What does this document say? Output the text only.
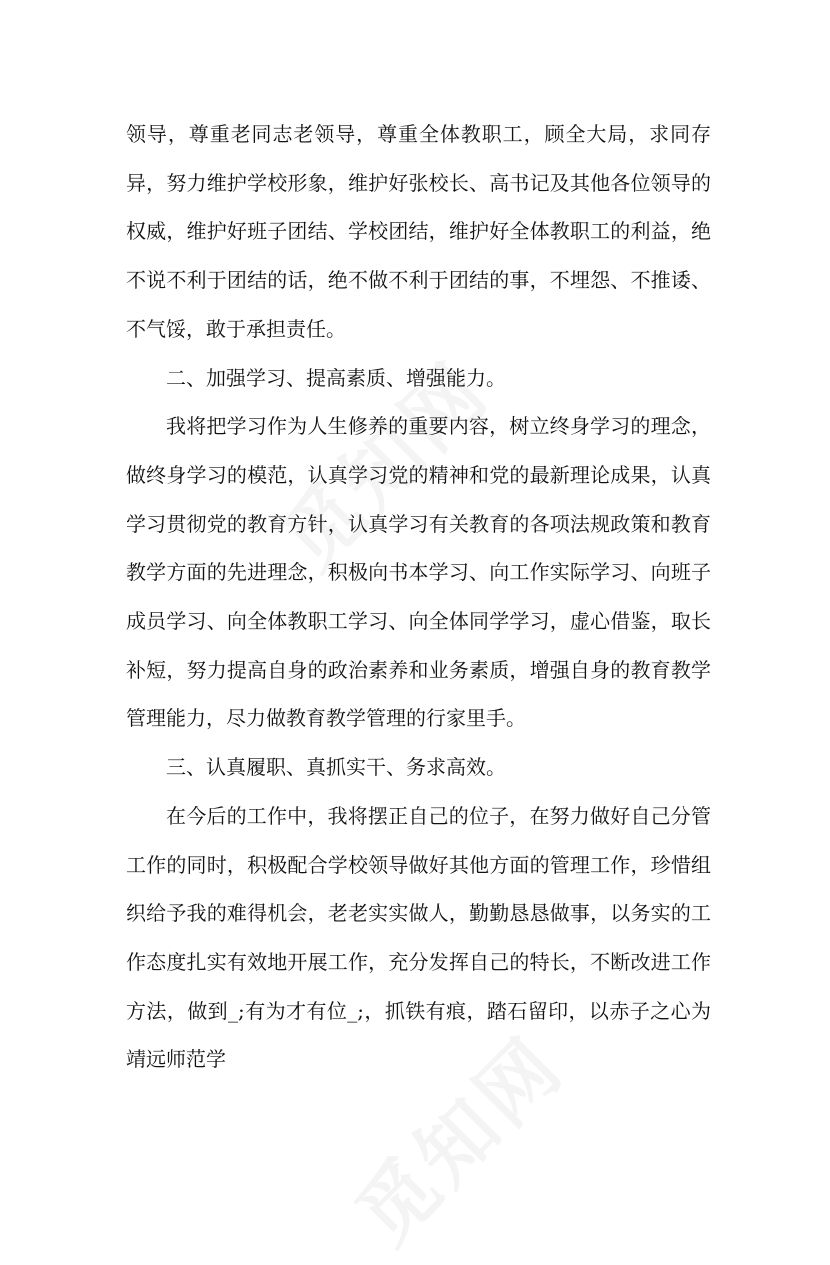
领导，尊重老同志老领导，尊重全体教职工，顾全大局，求同存异，努力维护学校形象，维护好张校长、高书记及其他各位领导的权威，维护好班子团结、学校团结，维护好全体教职工的利益，绝不说不利于团结的话，绝不做不利于团结的事，不埋怨、不推诿、不气馁，敢于承担责任。

二、加强学习、提高素质、增强能力。

我将把学习作为人生修养的重要内容，树立终身学习的理念，做终身学习的模范，认真学习党的精神和党的最新理论成果，认真学习贯彻党的教育方针，认真学习有关教育的各项法规政策和教育教学方面的先进理念，积极向书本学习、向工作实际学习、向班子成员学习、向全体教职工学习、向全体同学学习，虚心借鉴，取长补短，努力提高自身的政治素养和业务素质，增强自身的教育教学管理能力，尽力做教育教学管理的行家里手。

三、认真履职、真抓实干、务求高效。

在今后的工作中，我将摆正自己的位子，在努力做好自己分管工作的同时，积极配合学校领导做好其他方面的管理工作，珍惜组织给予我的难得机会，老老实实做人，勤勤恳恳做事，以务实的工作态度扎实有效地开展工作，充分发挥自己的特长，不断改进工作方法，做到_;有为才有位_;，抓铁有痕，踏石留印，以赤子之心为靖远师范学
